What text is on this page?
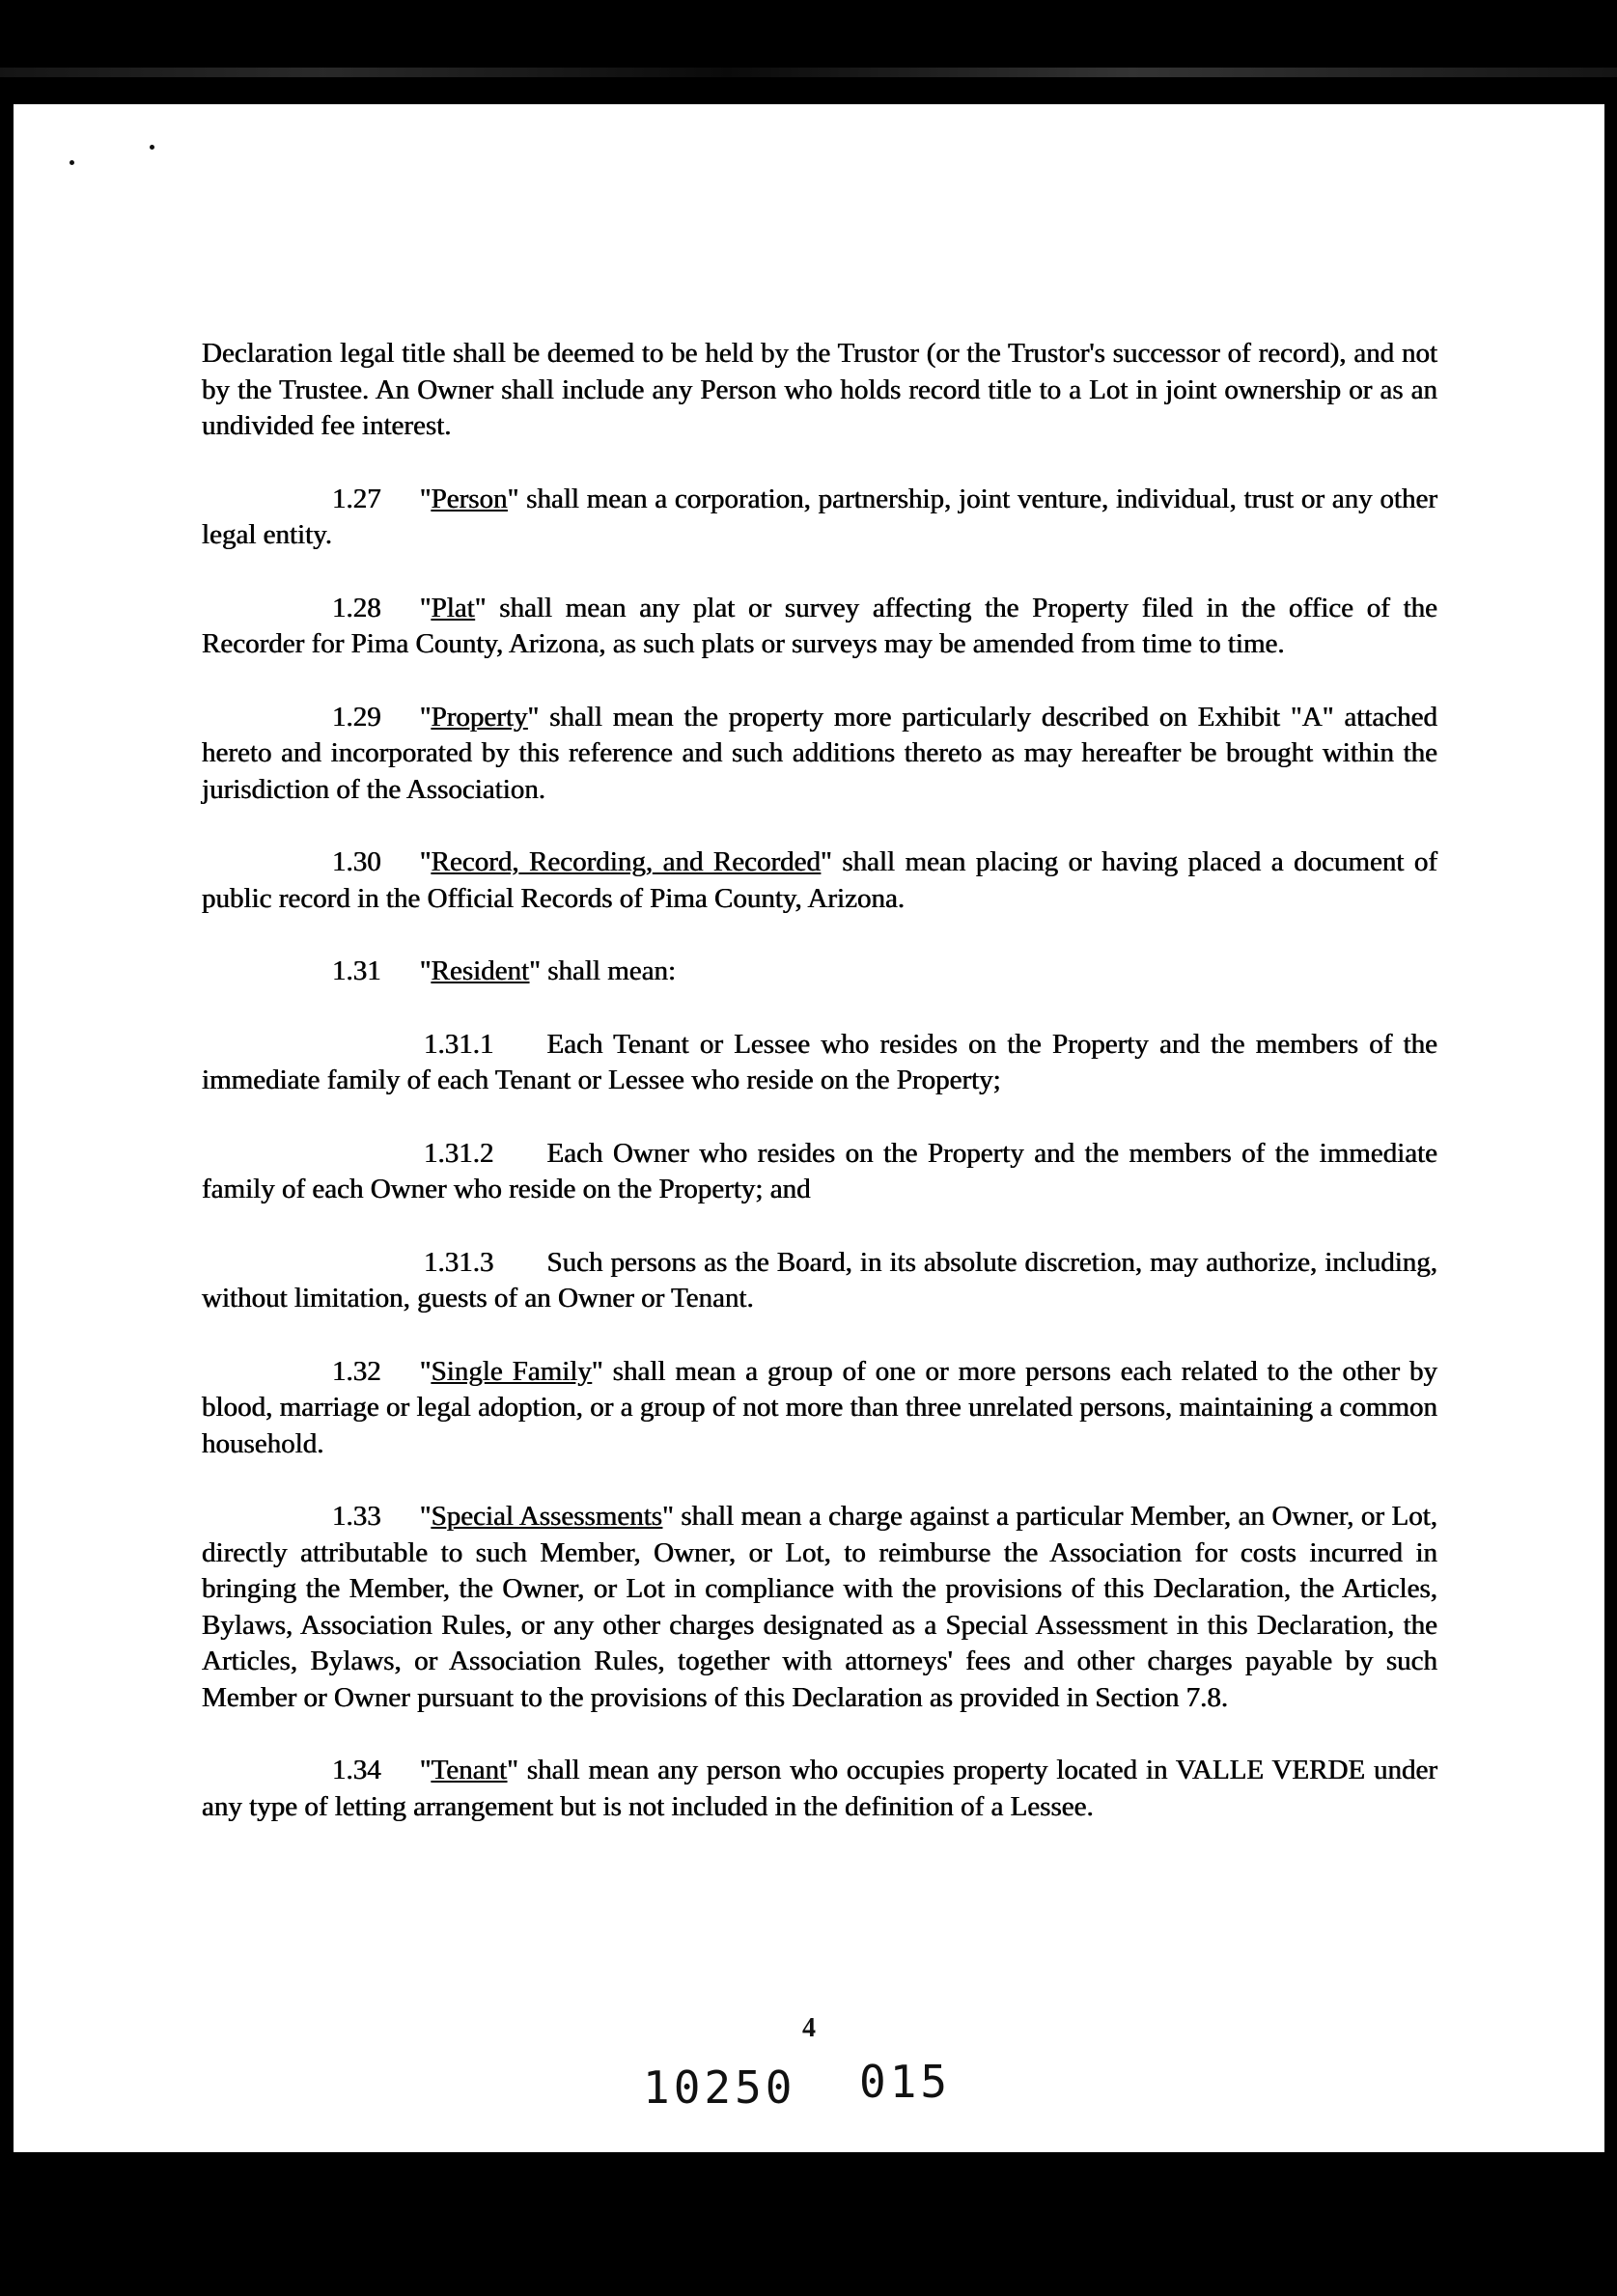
Declaration legal title shall be deemed to be held by the Trustor (or the Trustor's successor of record), and not by the Trustee. An Owner shall include any Person who holds record title to a Lot in joint ownership or as an undivided fee interest.

1.27 "Person" shall mean a corporation, partnership, joint venture, individual, trust or any other legal entity.

1.28 "Plat" shall mean any plat or survey affecting the Property filed in the office of the Recorder for Pima County, Arizona, as such plats or surveys may be amended from time to time.

1.29 "Property" shall mean the property more particularly described on Exhibit "A" attached hereto and incorporated by this reference and such additions thereto as may hereafter be brought within the jurisdiction of the Association.

1.30 "Record, Recording, and Recorded" shall mean placing or having placed a document of public record in the Official Records of Pima County, Arizona.

1.31 "Resident" shall mean:

1.31.1 Each Tenant or Lessee who resides on the Property and the members of the immediate family of each Tenant or Lessee who reside on the Property;

1.31.2 Each Owner who resides on the Property and the members of the immediate family of each Owner who reside on the Property; and

1.31.3 Such persons as the Board, in its absolute discretion, may authorize, including, without limitation, guests of an Owner or Tenant.

1.32 "Single Family" shall mean a group of one or more persons each related to the other by blood, marriage or legal adoption, or a group of not more than three unrelated persons, maintaining a common household.

1.33 "Special Assessments" shall mean a charge against a particular Member, an Owner, or Lot, directly attributable to such Member, Owner, or Lot, to reimburse the Association for costs incurred in bringing the Member, the Owner, or Lot in compliance with the provisions of this Declaration, the Articles, Bylaws, Association Rules, or any other charges designated as a Special Assessment in this Declaration, the Articles, Bylaws, or Association Rules, together with attorneys' fees and other charges payable by such Member or Owner pursuant to the provisions of this Declaration as provided in Section 7.8.

1.34 "Tenant" shall mean any person who occupies property located in VALLE VERDE under any type of letting arrangement but is not included in the definition of a Lessee.

4
10250 015
